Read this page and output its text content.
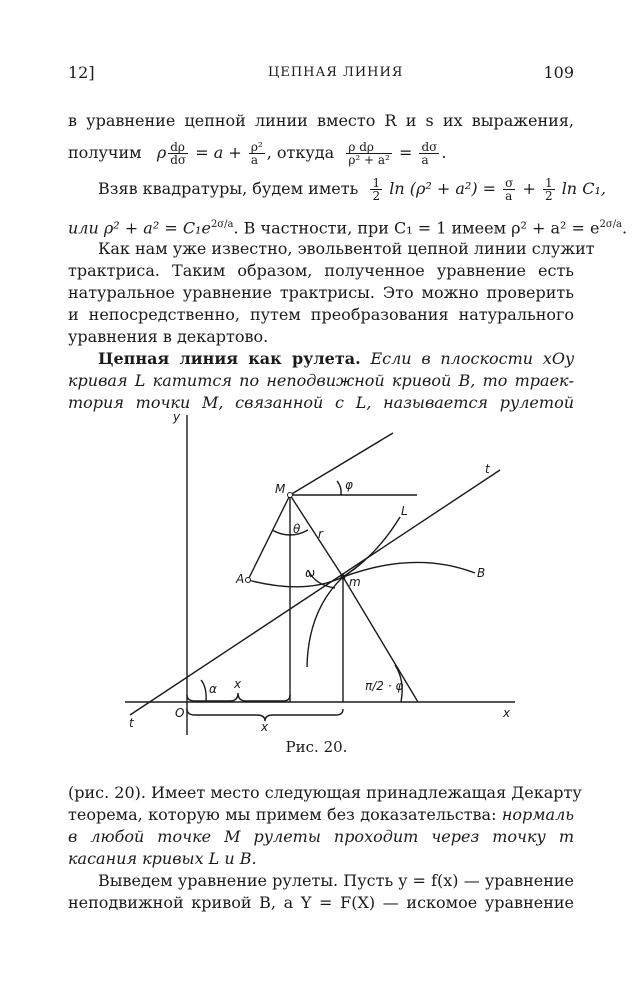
12]	ЦЕПНАЯ ЛИНИЯ	109
в уравнение цепной линии вместо R и s их выражения,
получим ρ $\frac{d\rho}{d\sigma} = a + \frac{\text{ρ²}}{a}$ , откуда $\frac{\text{ρ dρ}}{\text{ρ² + a²}} = \frac{d\sigma}{a}$ .
Взяв квадратуры, будем иметь $\frac{1}{2}$ $\ln (\rho^2 + a^2) = \frac{\sigma}{a} + \frac{1}{2}$ ln C₁,
или $\rho^2 + a^2 = C_1e^{2\sigma/a}$. В частности, при C₁ = 1 имеем $\rho^2 + a^2 = e^{2\sigma/a}$.
Как нам уже известно, эвольвентой цепной линии служит
трактриса. Таким образом, полученное уравнение есть
натуральное уравнение трактрисы. Это можно проверить
и непосредственно, путем преобразования натурального
уравнения в декартово.
Цепная линия как рулета. Если в плоскости xOy
кривая L катится по неподвижной кривой B, то траек-
тория точки M, связанной с L, называется рулетой
y
x
O
t
t
M	φ
θ r
L
A	ω
m
B
α x
x
π/2 · φ
Рис. 20.
(рис. 20). Имеет место следующая принадлежащая Декарту
теорема, которую мы примем без доказательства: нормаль
в любой точке M рулеты проходит через точку m
касания кривых L и B.
Выведем уравнение рулеты. Пусть y = f(x) — уравнение
неподвижной кривой B, а Y = F(X) — искомое уравнение
